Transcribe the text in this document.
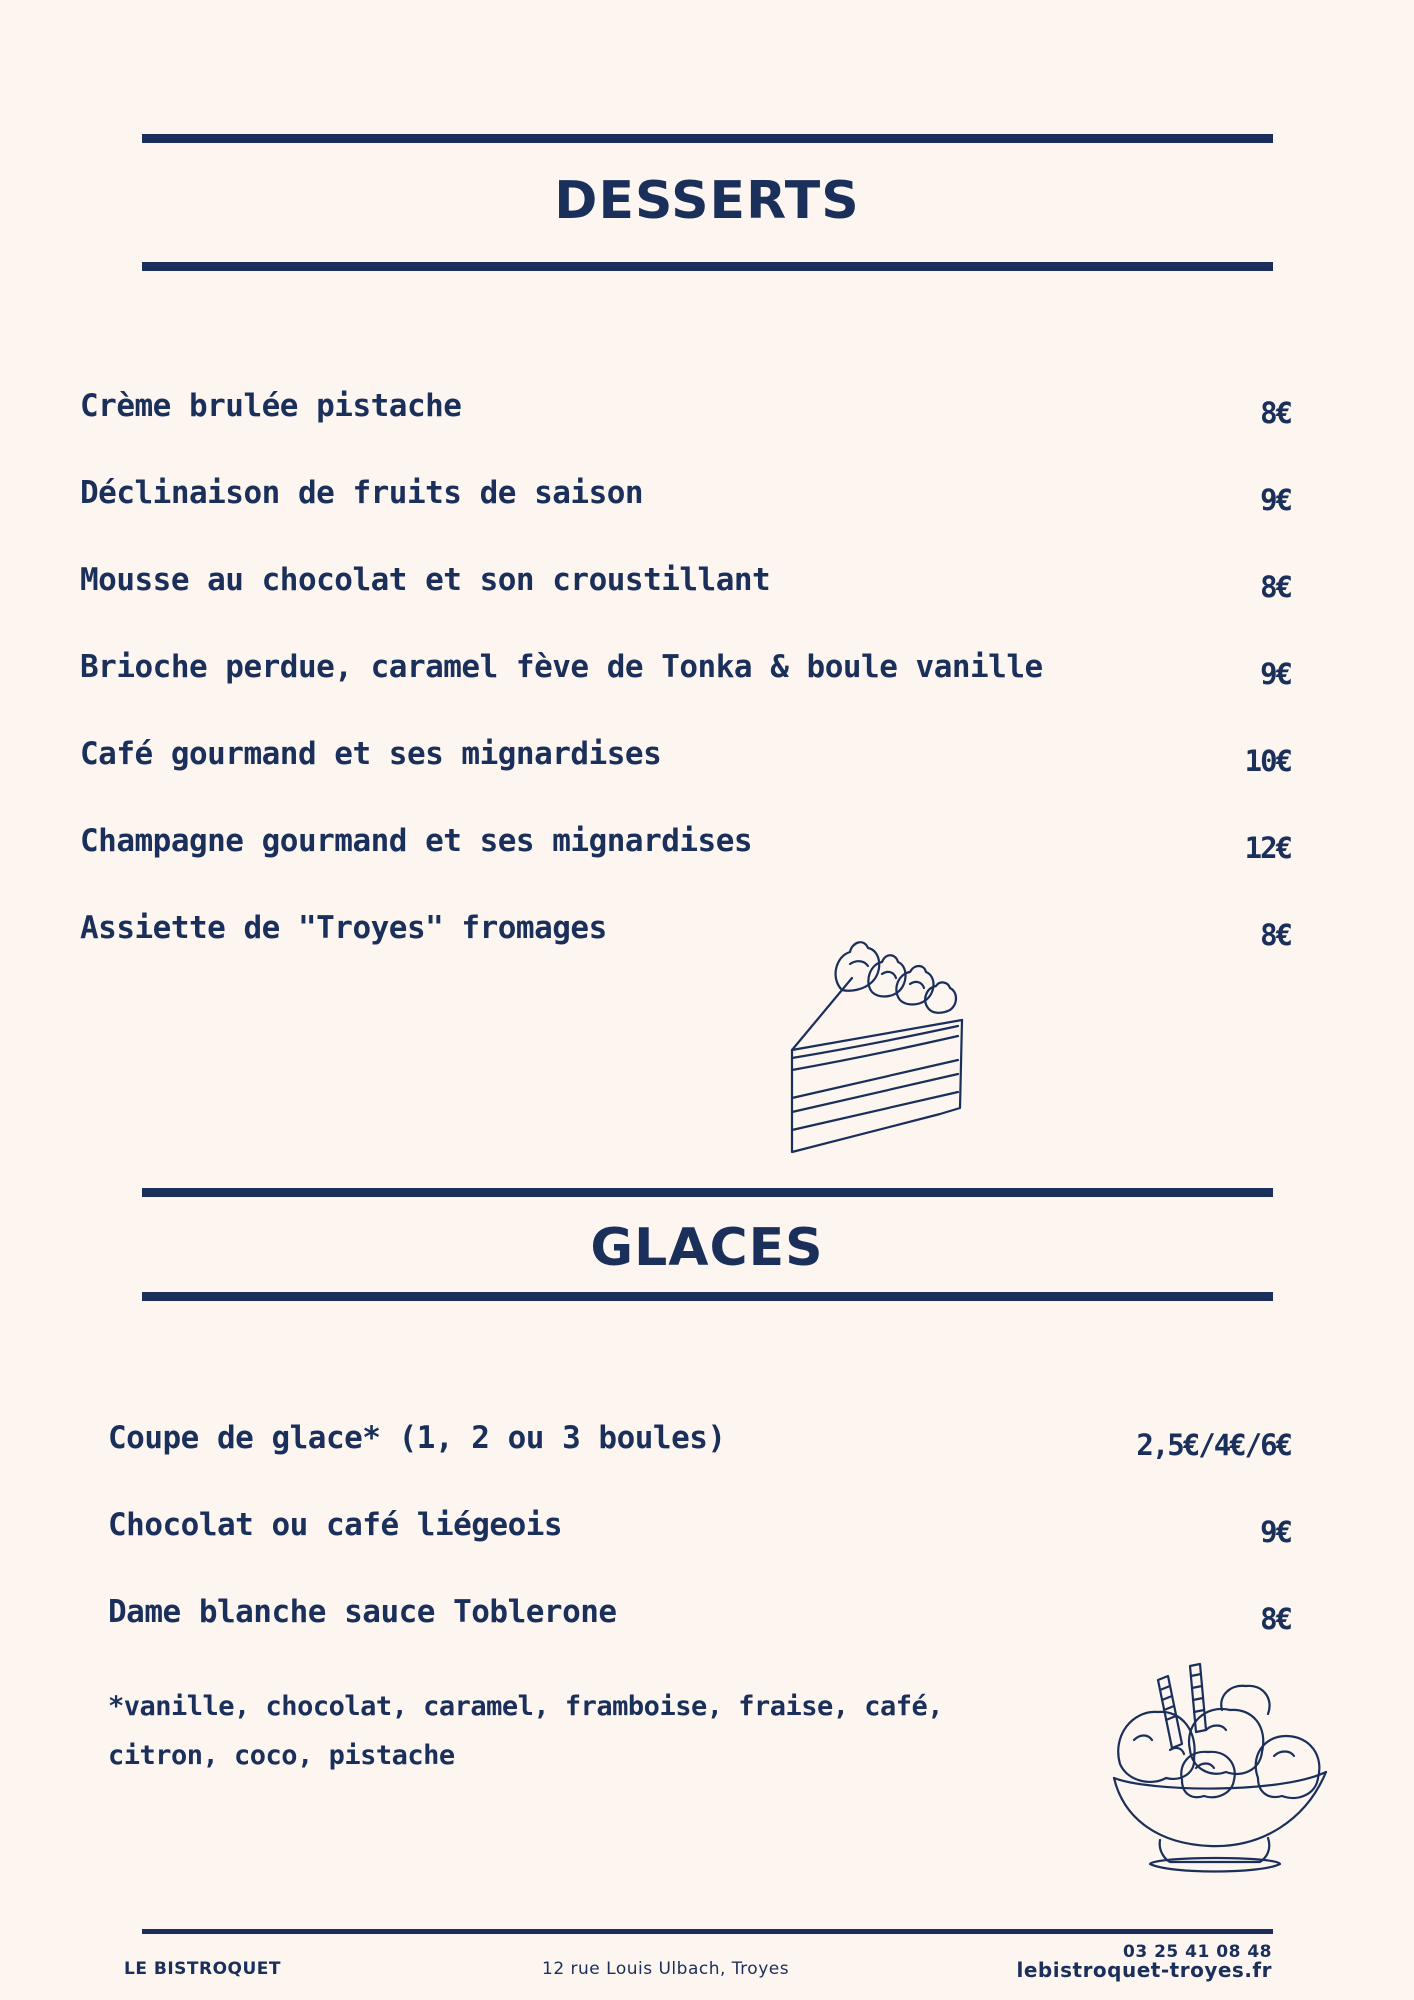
DESSERTS
Crème brulée pistache	8€
Déclinaison de fruits de saison	9€
Mousse au chocolat et son croustillant	8€
Brioche perdue, caramel fève de Tonka & boule vanille	9€
Café gourmand et ses mignardises	10€
Champagne gourmand et ses mignardises	12€
Assiette de "Troyes" fromages	8€
GLACES
Coupe de glace* (1, 2 ou 3 boules)	2,5€/4€/6€
Chocolat ou café liégeois	9€
Dame blanche sauce Toblerone	8€
*vanille, chocolat, caramel, framboise, fraise, café, citron, coco, pistache
LE BISTROQUET	12 rue Louis Ulbach, Troyes
03 25 41 08 48
lebistroquet-troyes.fr
